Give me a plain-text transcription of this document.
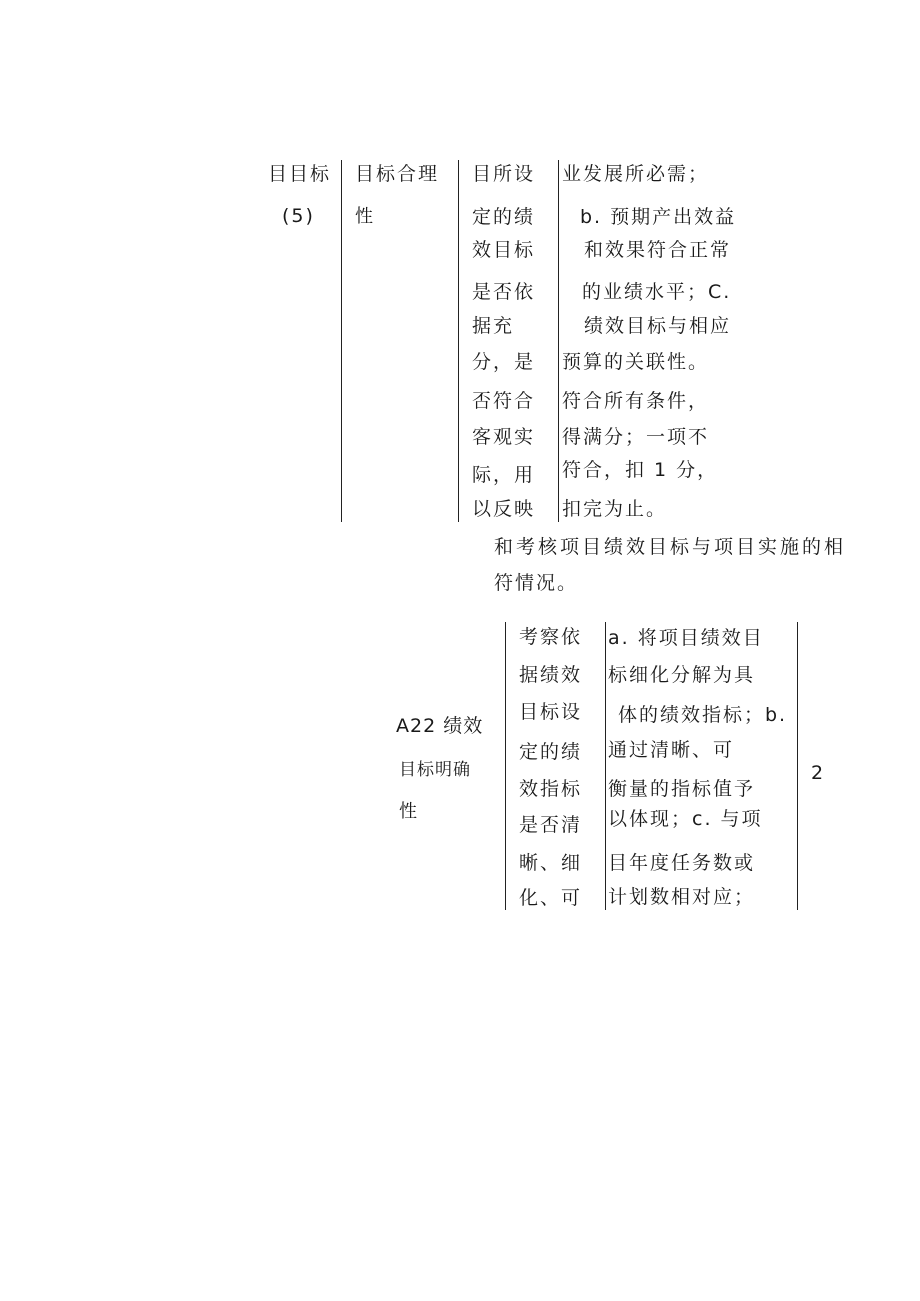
目目标
(5)
目标合理
性
目所设
定的绩
效目标
是否依
据充
分，是
否符合
客观实
际，用
以反映
业发展所必需；
b. 预期产出效益
和效果符合正常
的业绩水平；C.
绩效目标与相应
预算的关联性。
符合所有条件，
得满分；一项不
符合，扣 1 分，
扣完为止。
和考核项目绩效目标与项目实施的相
符情况。
A22 绩效
目标明确
性
考察依
据绩效
目标设
定的绩
效指标
是否清
晰、细
化、可
a. 将项目绩效目
标细化分解为具
体的绩效指标；b.
通过清晰、可
衡量的指标值予
以体现；c. 与项
目年度任务数或
计划数相对应；
2
